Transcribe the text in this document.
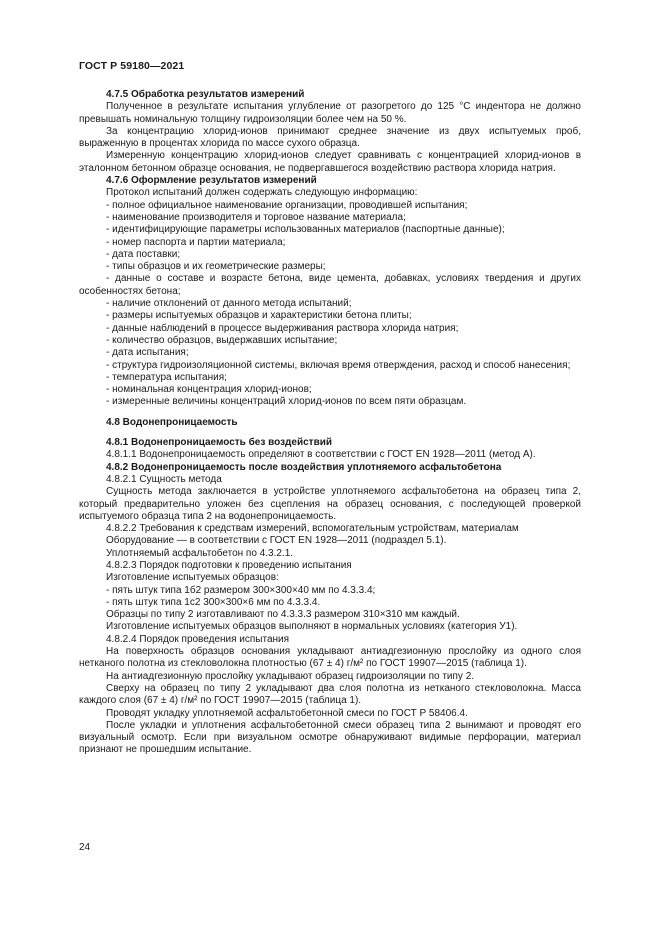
ГОСТ Р 59180—2021

4.7.5 Обработка результатов измерений

Полученное в результате испытания углубление от разогретого до 125 °С индентора не должно превышать номинальную толщину гидроизоляции более чем на 50 %.

За концентрацию хлорид-ионов принимают среднее значение из двух испытуемых проб, выраженную в процентах хлорида по массе сухого образца.

Измеренную концентрацию хлорид-ионов следует сравнивать с концентрацией хлорид-ионов в эталонном бетонном образце основания, не подвергавшегося воздействию раствора хлорида натрия.

4.7.6 Оформление результатов измерений

Протокол испытаний должен содержать следующую информацию:

- полное официальное наименование организации, проводившей испытания;

- наименование производителя и торговое название материала;

- идентифицирующие параметры использованных материалов (паспортные данные);

- номер паспорта и партии материала;

- дата поставки;

- типы образцов и их геометрические размеры;

- данные о составе и возрасте бетона, виде цемента, добавках, условиях твердения и других особенностях бетона;

- наличие отклонений от данного метода испытаний;

- размеры испытуемых образцов и характеристики бетона плиты;

- данные наблюдений в процессе выдерживания раствора хлорида натрия;

- количество образцов, выдержавших испытание;

- дата испытания;

- структура гидроизоляционной системы, включая время отверждения, расход и способ нанесения;

- температура испытания;

- номинальная концентрация хлорид-ионов;

- измеренные величины концентраций хлорид-ионов по всем пяти образцам.

4.8 Водонепроницаемость

4.8.1 Водонепроницаемость без воздействий

4.8.1.1 Водонепроницаемость определяют в соответствии с ГОСТ EN 1928—2011 (метод А).

4.8.2 Водонепроницаемость после воздействия уплотняемого асфальтобетона

4.8.2.1 Сущность метода

Сущность метода заключается в устройстве уплотняемого асфальтобетона на образец типа 2, который предварительно уложен без сцепления на образец основания, с последующей проверкой испытуемого образца типа 2 на водонепроницаемость.

4.8.2.2 Требования к средствам измерений, вспомогательным устройствам, материалам

Оборудование — в соответствии с ГОСТ EN 1928—2011 (подраздел 5.1).

Уплотняемый асфальтобетон по 4.3.2.1.

4.8.2.3 Порядок подготовки к проведению испытания

Изготовление испытуемых образцов:

- пять штук типа 1б2 размером 300×300×40 мм по 4.3.3.4;

- пять штук типа 1с2 300×300×6 мм по 4.3.3.4.

Образцы по типу 2 изготавливают по 4.3.3.3 размером 310×310 мм каждый.

Изготовление испытуемых образцов выполняют в нормальных условиях (категория У1).

4.8.2.4 Порядок проведения испытания

На поверхность образцов основания укладывают антиадгезионную прослойку из одного слоя нетканого полотна из стекловолокна плотностью (67 ± 4) г/м² по ГОСТ 19907—2015 (таблица 1).

На антиадгезионную прослойку укладывают образец гидроизоляции по типу 2.

Сверху на образец по типу 2 укладывают два слоя полотна из нетканого стекловолокна. Масса каждого слоя (67 ± 4) г/м² по ГОСТ 19907—2015 (таблица 1).

Проводят укладку уплотняемой асфальтобетонной смеси по ГОСТ Р 58406.4.

После укладки и уплотнения асфальтобетонной смеси образец типа 2 вынимают и проводят его визуальный осмотр. Если при визуальном осмотре обнаруживают видимые перфорации, материал признают не прошедшим испытание.

24
